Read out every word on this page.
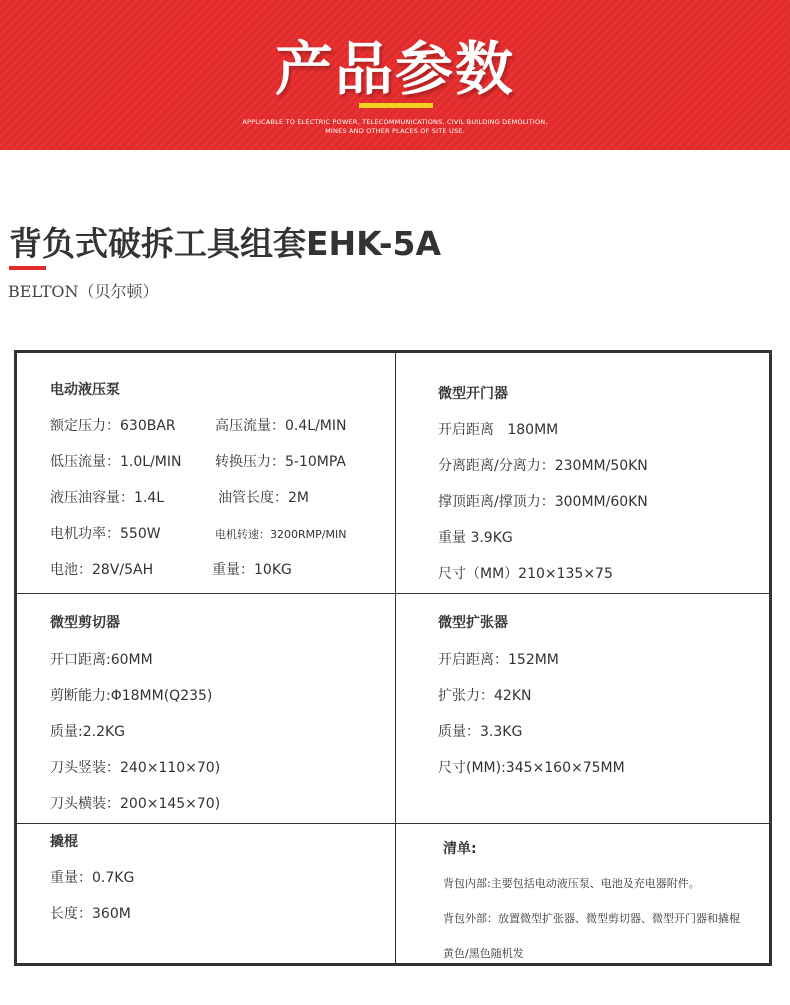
产品参数
APPLICABLE TO ELECTRIC POWER, TELECOMMUNICATIONS, CIVIL BUILDING DEMOLITION,
MINES AND OTHER PLACES OF SITE USE.
背负式破拆工具组套EHK-5A
BELTON（贝尔顿）
电动液压泵
额定压力：630BAR	高压流量：0.4L/MIN
低压流量：1.0L/MIN 转换压力：5-10MPA
液压油容量：1.4L	油管长度：2M
电机功率：550W	电机转速：3200RMP/MIN
电池：28V/5AH	重量：10KG
微型开门器
开启距离   180MM
分离距离/分离力：230MM/50KN
撑顶距离/撑顶力：300MM/60KN
重量 3.9KG
尺寸（MM）210×135×75
微型剪切器
开口距离:60MM
剪断能力:Φ18MM(Q235)
质量:2.2KG
刀头竖装：240×110×70)
刀头横装：200×145×70)
微型扩张器
开启距离：152MM
扩张力：42KN
质量：3.3KG
尺寸(MM):345×160×75MM
撬棍
重量：0.7KG
长度：360M
清单:
背包内部:主要包括电动液压泵、电池及充电器附件。
背包外部：放置微型扩张器、微型剪切器、微型开门器和撬棍
黄色/黑色随机发
